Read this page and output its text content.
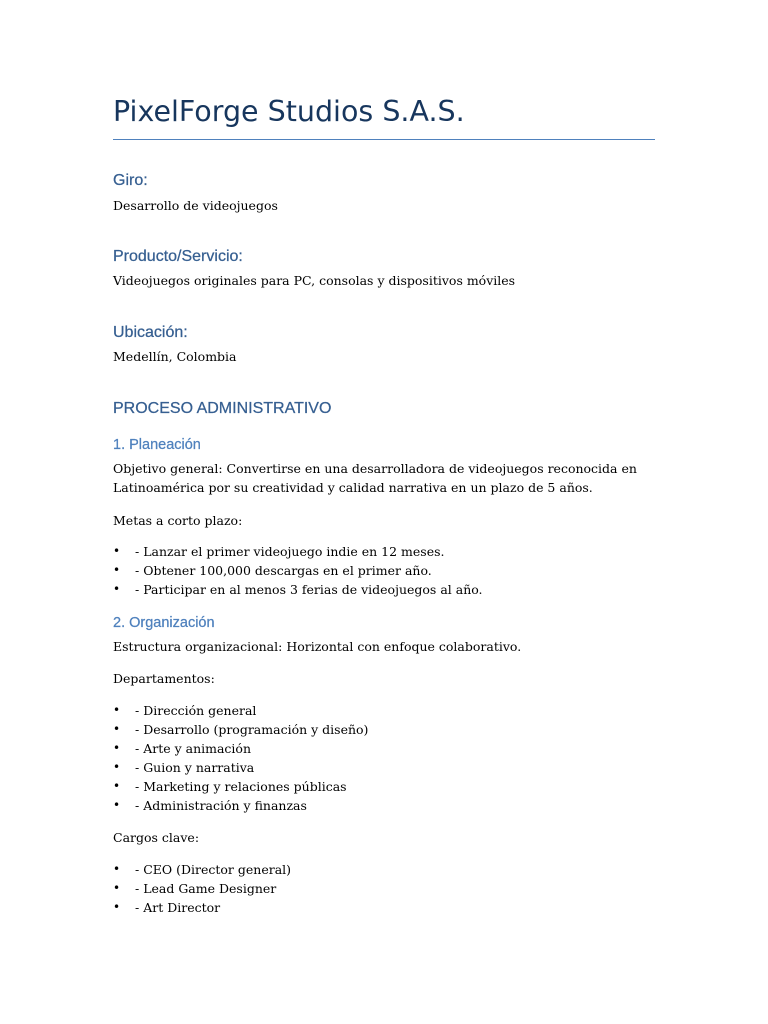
PixelForge Studios S.A.S.
Giro:

Desarrollo de videojuegos

Producto/Servicio:

Videojuegos originales para PC, consolas y dispositivos móviles

Ubicación:

Medellín, Colombia

PROCESO ADMINISTRATIVO
1. Planeación

Objetivo general: Convertirse en una desarrolladora de videojuegos reconocida en Latinoamérica por su creatividad y calidad narrativa en un plazo de 5 años.

Metas a corto plazo:

• - Lanzar el primer videojuego indie en 12 meses.
• - Obtener 100,000 descargas en el primer año.
• - Participar en al menos 3 ferias de videojuegos al año.
2. Organización

Estructura organizacional: Horizontal con enfoque colaborativo.

Departamentos:

• - Dirección general
• - Desarrollo (programación y diseño)
• - Arte y animación
• - Guion y narrativa
• - Marketing y relaciones públicas
• - Administración y finanzas

Cargos clave:

• - CEO (Director general)
• - Lead Game Designer
• - Art Director
